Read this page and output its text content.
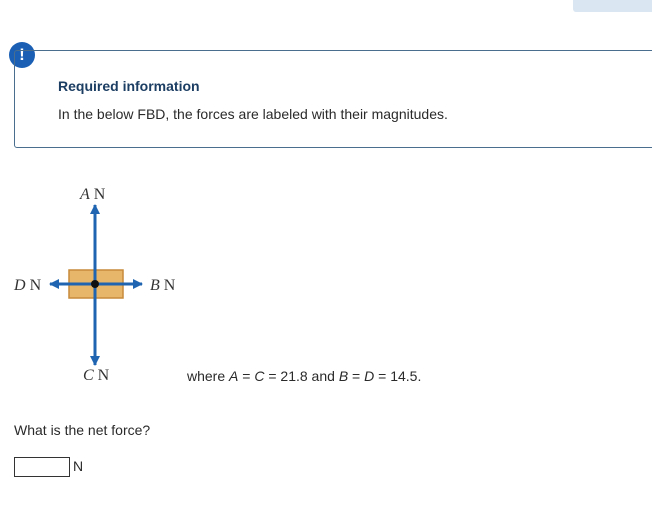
!
Required information
In the below FBD, the forces are labeled with their magnitudes.
A N
B N
C N
D N
where A = C = 21.8 and B = D = 14.5.
What is the net force?
N
